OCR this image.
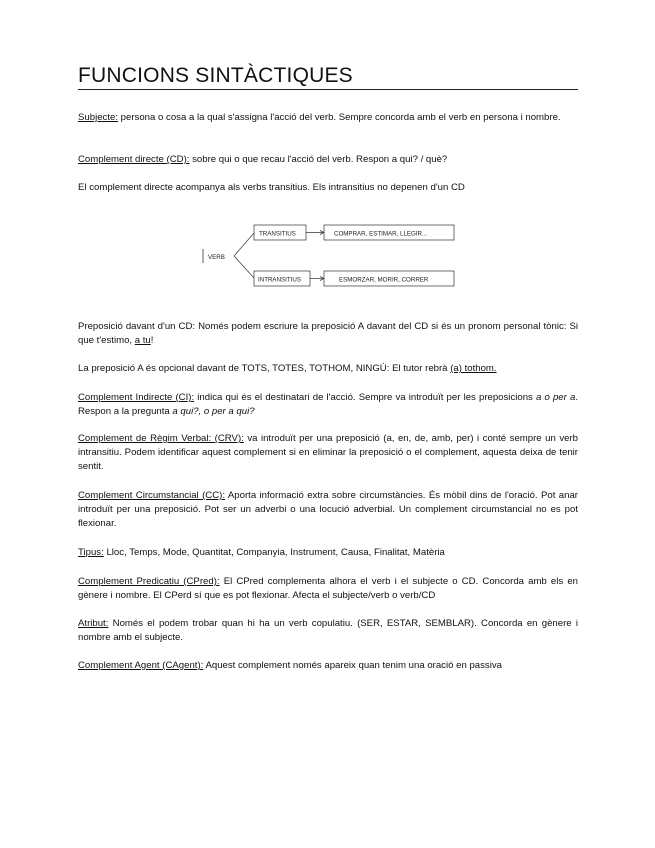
FUNCIONS SINTÀCTIQUES

Subjecte: persona o cosa a la qual s'assigna l'acció del verb. Sempre concorda amb el verb en persona i nombre.

Complement directe (CD): sobre qui o que recau l'acció del verb. Respon a qui? / què?

El complement directe acompanya als verbs transitius. Els intransitius no depenen d'un CD

VERB
TRANSITIUS	COMPRAR, ESTIMAR, LLEGIR...
INTRANSITIUS	ESMORZAR, MORIR, CORRER

Preposició davant d'un CD: Només podem escriure la preposició A davant del CD si és un pronom personal tònic: Si que t'estimo, a tu!

La preposició A és opcional davant de TOTS, TOTES, TOTHOM, NINGÚ: El tutor rebrà (a) tothom.

Complement Indirecte (CI): indica qui és el destinatari de l'acció. Sempre va introduït per les preposicions a o per a. Respon a la pregunta a qui?, o per a qui?

Complement de Règim Verbal: (CRV): va introduït per una preposició (a, en, de, amb, per) i conté sempre un verb intransitiu. Podem identificar aquest complement si en eliminar la preposició o el complement, aquesta deixa de tenir sentit.

Complement Circumstancial (CC): Aporta informació extra sobre circumstàncies. És mòbil dins de l'oració. Pot anar introduït per una preposició. Pot ser un adverbi o una locució adverbial. Un complement circumstancial no es pot flexionar.

Tipus: Lloc, Temps, Mode, Quantitat, Companyia, Instrument, Causa, Finalitat, Matèria

Complement Predicatiu (CPred): El CPred complementa alhora el verb i el subjecte o CD. Concorda amb els en gènere i nombre. El CPerd sí que es pot flexionar. Afecta el subjecte/verb o verb/CD

Atribut: Només el podem trobar quan hi ha un verb copulatiu. (SER, ESTAR, SEMBLAR). Concorda en gènere i nombre amb el subjecte.

Complement Agent (CAgent): Aquest complement només apareix quan tenim una oració en passiva
